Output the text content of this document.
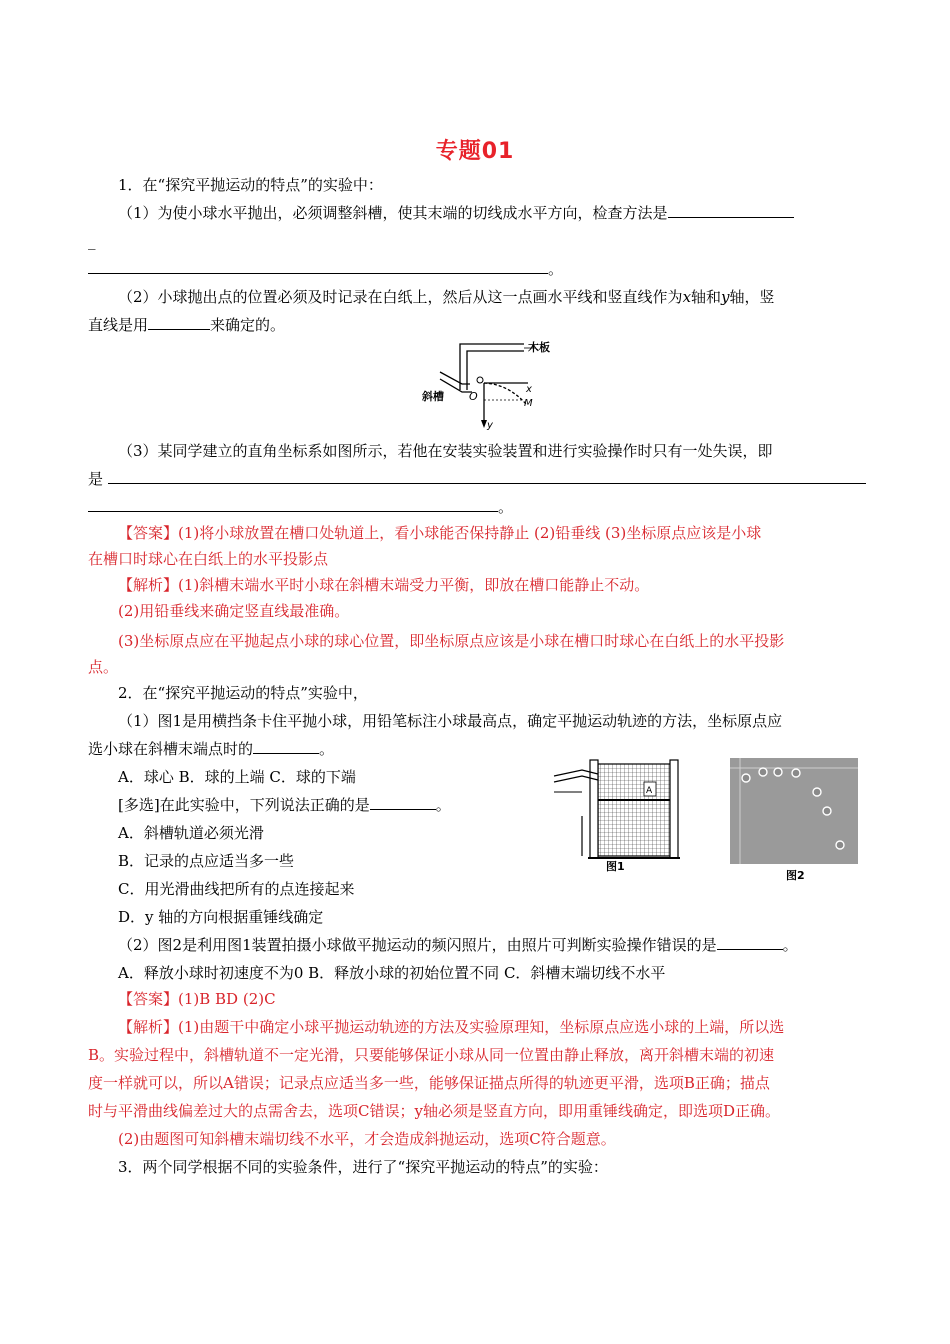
专题01
1．在“探究平抛运动的特点”的实验中：
（1）为使小球水平抛出，必须调整斜槽，使其末端的切线成水平方向，检查方法是
_
。
（2）小球抛出点的位置必须及时记录在白纸上，然后从这一点画水平线和竖直线作为x轴和y轴，竖
直线是用	来确定的。
木板
斜槽 O
x
y
M
（3）某同学建立的直角坐标系如图所示，若他在安装实验装置和进行实验操作时只有一处失误，即
是
。
【答案】(1)将小球放置在槽口处轨道上，看小球能否保持静止 (2)铅垂线 (3)坐标原点应该是小球
在槽口时球心在白纸上的水平投影点
【解析】(1)斜槽末端水平时小球在斜槽末端受力平衡，即放在槽口能静止不动。
(2)用铅垂线来确定竖直线最准确。
(3)坐标原点应在平抛起点小球的球心位置，即坐标原点应该是小球在槽口时球心在白纸上的水平投影
点。
2．在“探究平抛运动的特点”实验中，
（1）图1是用横挡条卡住平抛小球，用铅笔标注小球最高点，确定平抛运动轨迹的方法，坐标原点应
选小球在斜槽末端点时的	。
A．球心 B．球的上端 C．球的下端
[多选]在此实验中，下列说法正确的是	。
A．斜槽轨道必须光滑
B．记录的点应适当多一些
C．用光滑曲线把所有的点连接起来
D．y 轴的方向根据重锤线确定
A
图1
图2
（2）图2是利用图1装置拍摄小球做平抛运动的频闪照片，由照片可判断实验操作错误的是	。
A．释放小球时初速度不为0 B．释放小球的初始位置不同 C．斜槽末端切线不水平
【答案】(1)B BD (2)C
【解析】(1)由题干中确定小球平抛运动轨迹的方法及实验原理知，坐标原点应选小球的上端，所以选
B。实验过程中，斜槽轨道不一定光滑，只要能够保证小球从同一位置由静止释放，离开斜槽末端的初速
度一样就可以，所以A错误；记录点应适当多一些，能够保证描点所得的轨迹更平滑，选项B正确；描点
时与平滑曲线偏差过大的点需舍去，选项C错误；y轴必须是竖直方向，即用重锤线确定，即选项D正确。
(2)由题图可知斜槽末端切线不水平，才会造成斜抛运动，选项C符合题意。
3．两个同学根据不同的实验条件，进行了“探究平抛运动的特点”的实验：
